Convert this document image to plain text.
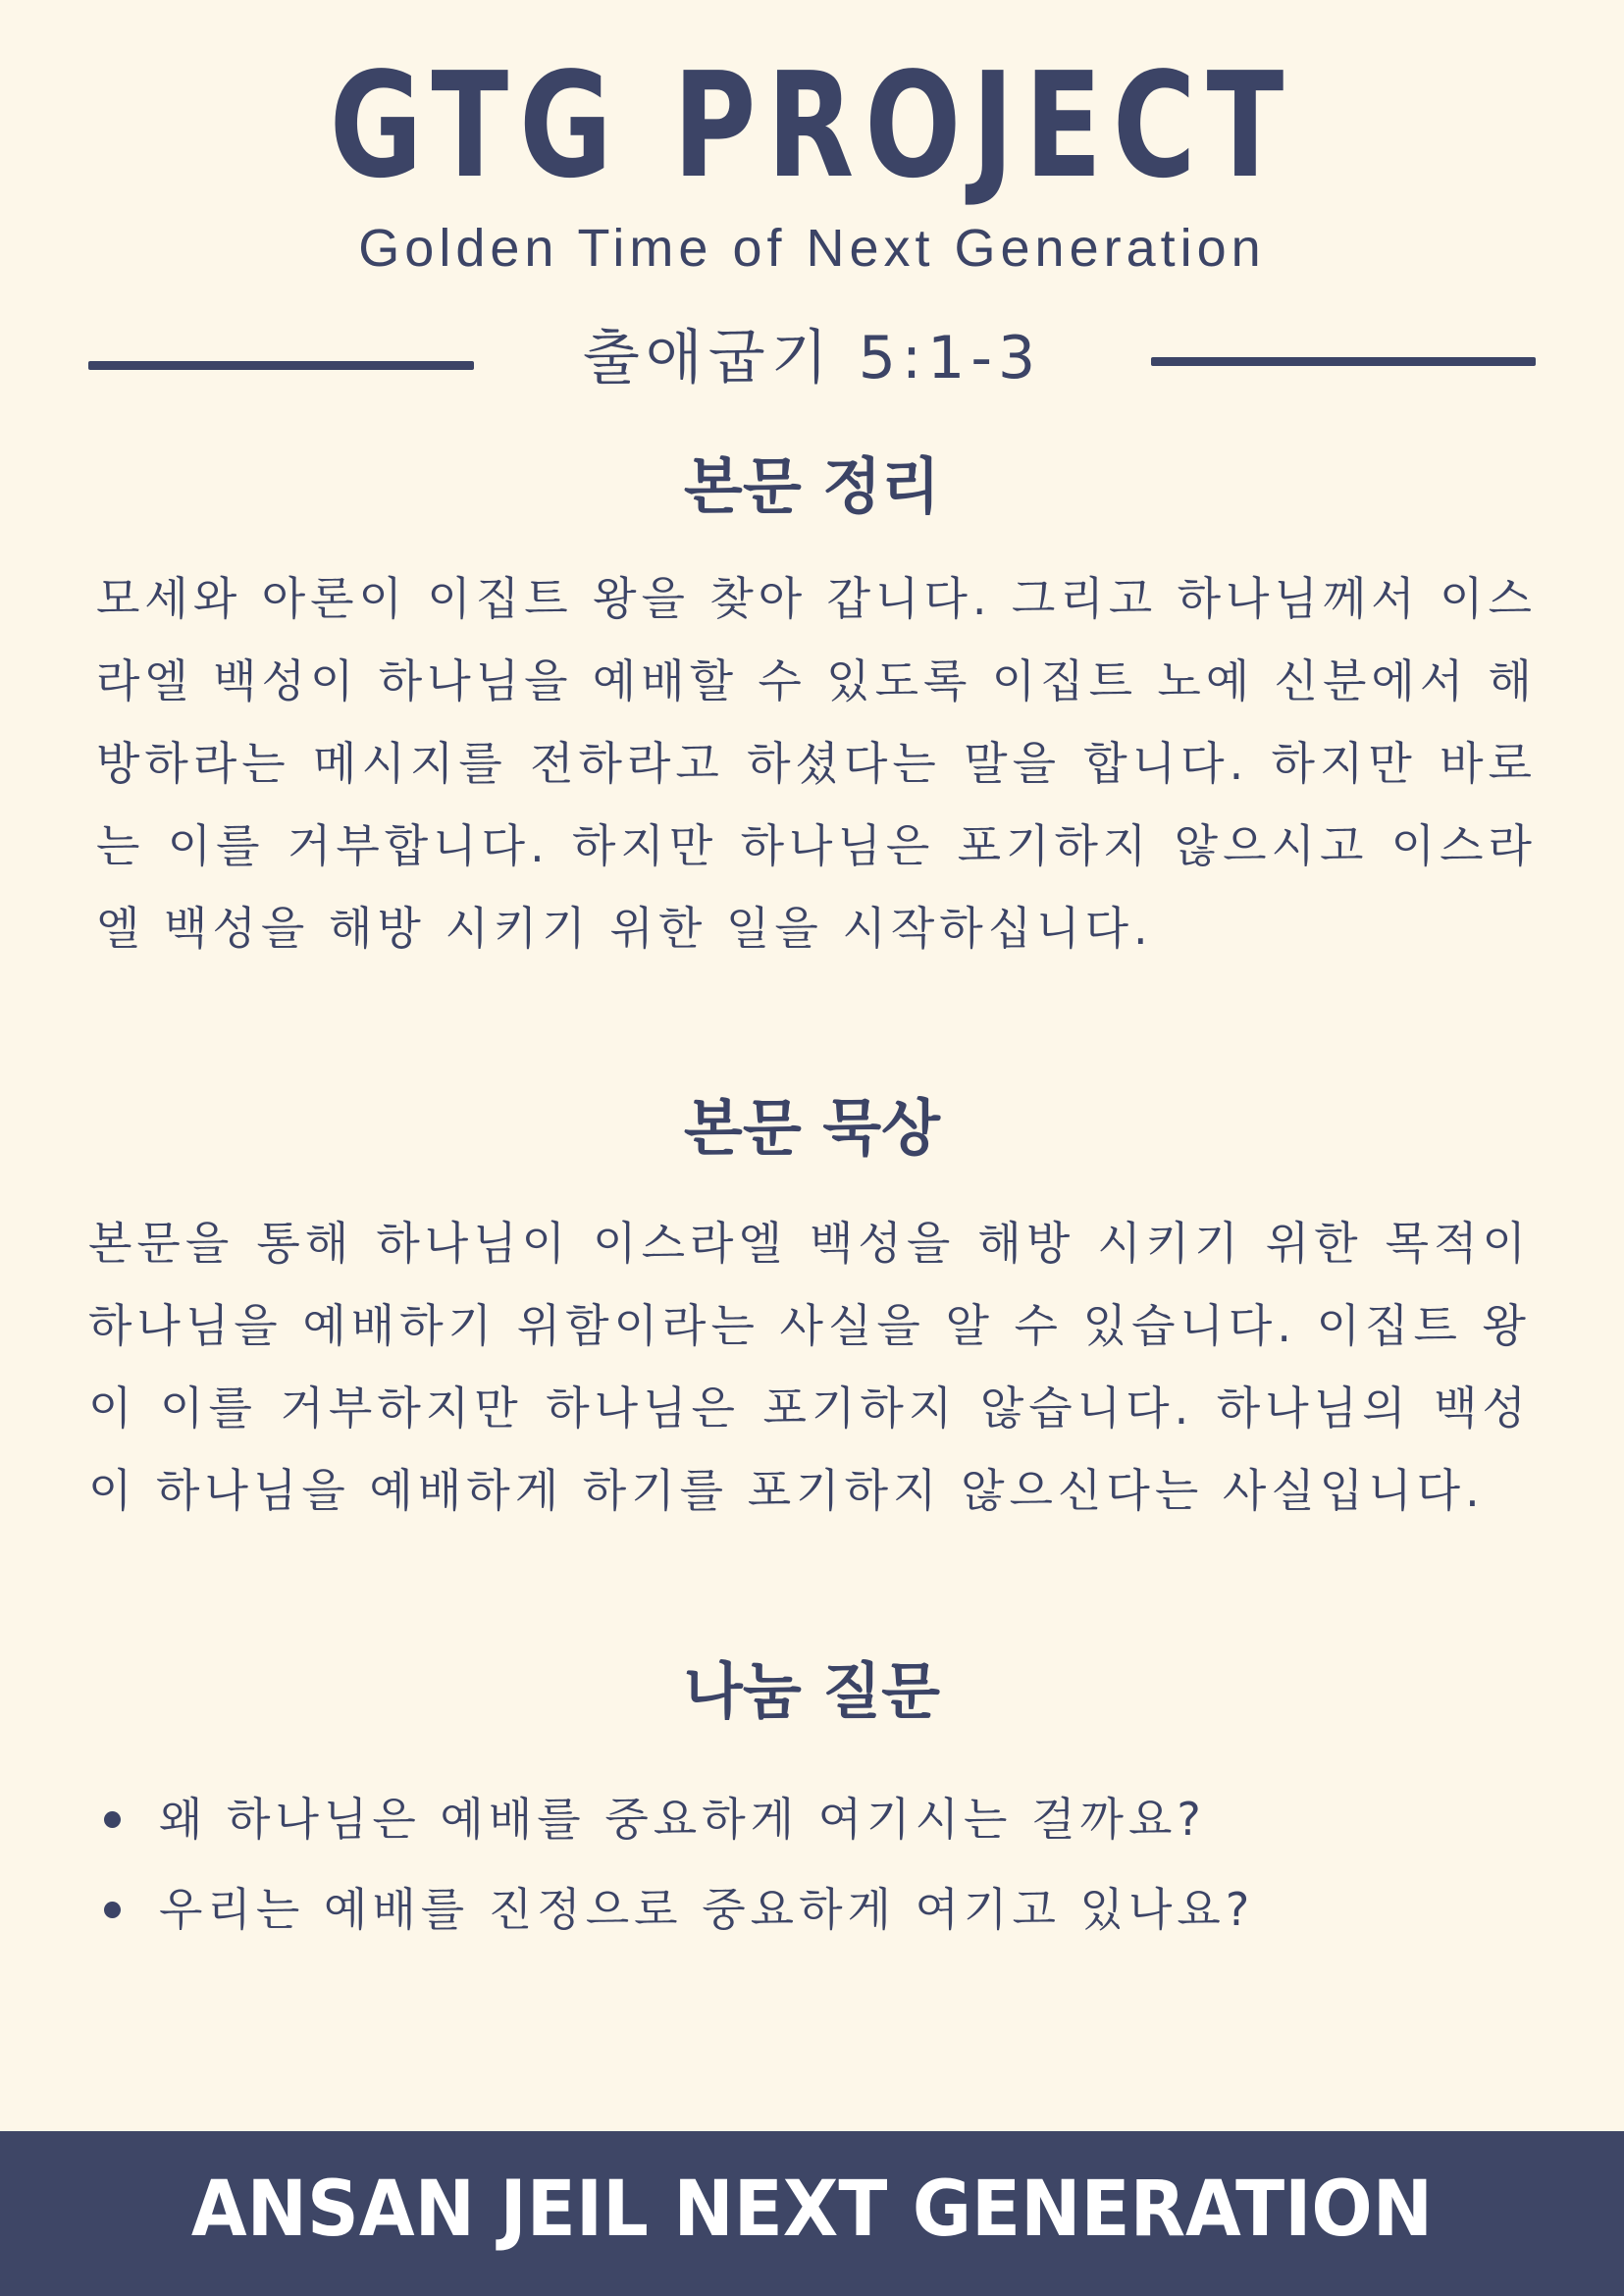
GTG PROJECT
Golden Time of Next Generation
출애굽기 5:1-3
본문 정리

모세와 아론이 이집트 왕을 찾아 갑니다. 그리고 하나님께서 이스라엘 백성이 하나님을 예배할 수 있도록 이집트 노예 신분에서 해방하라는 메시지를 전하라고 하셨다는 말을 합니다. 하지만 바로는 이를 거부합니다. 하지만 하나님은 포기하지 않으시고 이스라엘 백성을 해방 시키기 위한 일을 시작하십니다.

본문 묵상

본문을 통해 하나님이 이스라엘 백성을 해방 시키기 위한 목적이 하나님을 예배하기 위함이라는 사실을 알 수 있습니다. 이집트 왕이 이를 거부하지만 하나님은 포기하지 않습니다. 하나님의 백성이 하나님을 예배하게 하기를 포기하지 않으신다는 사실입니다.

나눔 질문
왜 하나님은 예배를 중요하게 여기시는 걸까요?
우리는 예배를 진정으로 중요하게 여기고 있나요?
ANSAN JEIL NEXT GENERATION
